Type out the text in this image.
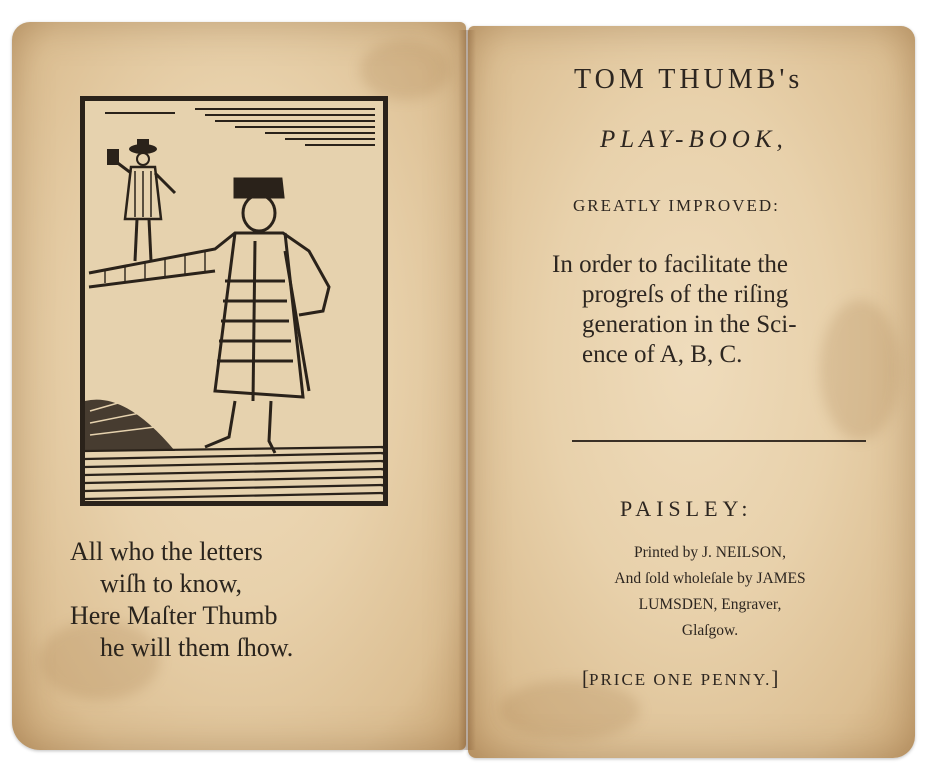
All who the letters
wiſh to know,
Here Maſter Thumb
he will them ſhow.
TOM THUMB's
PLAY-BOOK,
GREATLY IMPROVED:
In order to facilitate the
progreſs of the riſing
generation in the Sci-
ence of A, B, C.
PAISLEY:
Printed by J. NEILSON,
And ſold wholeſale by JAMES
LUMSDEN, Engraver,
Glaſgow.
[PRICE ONE PENNY.]
